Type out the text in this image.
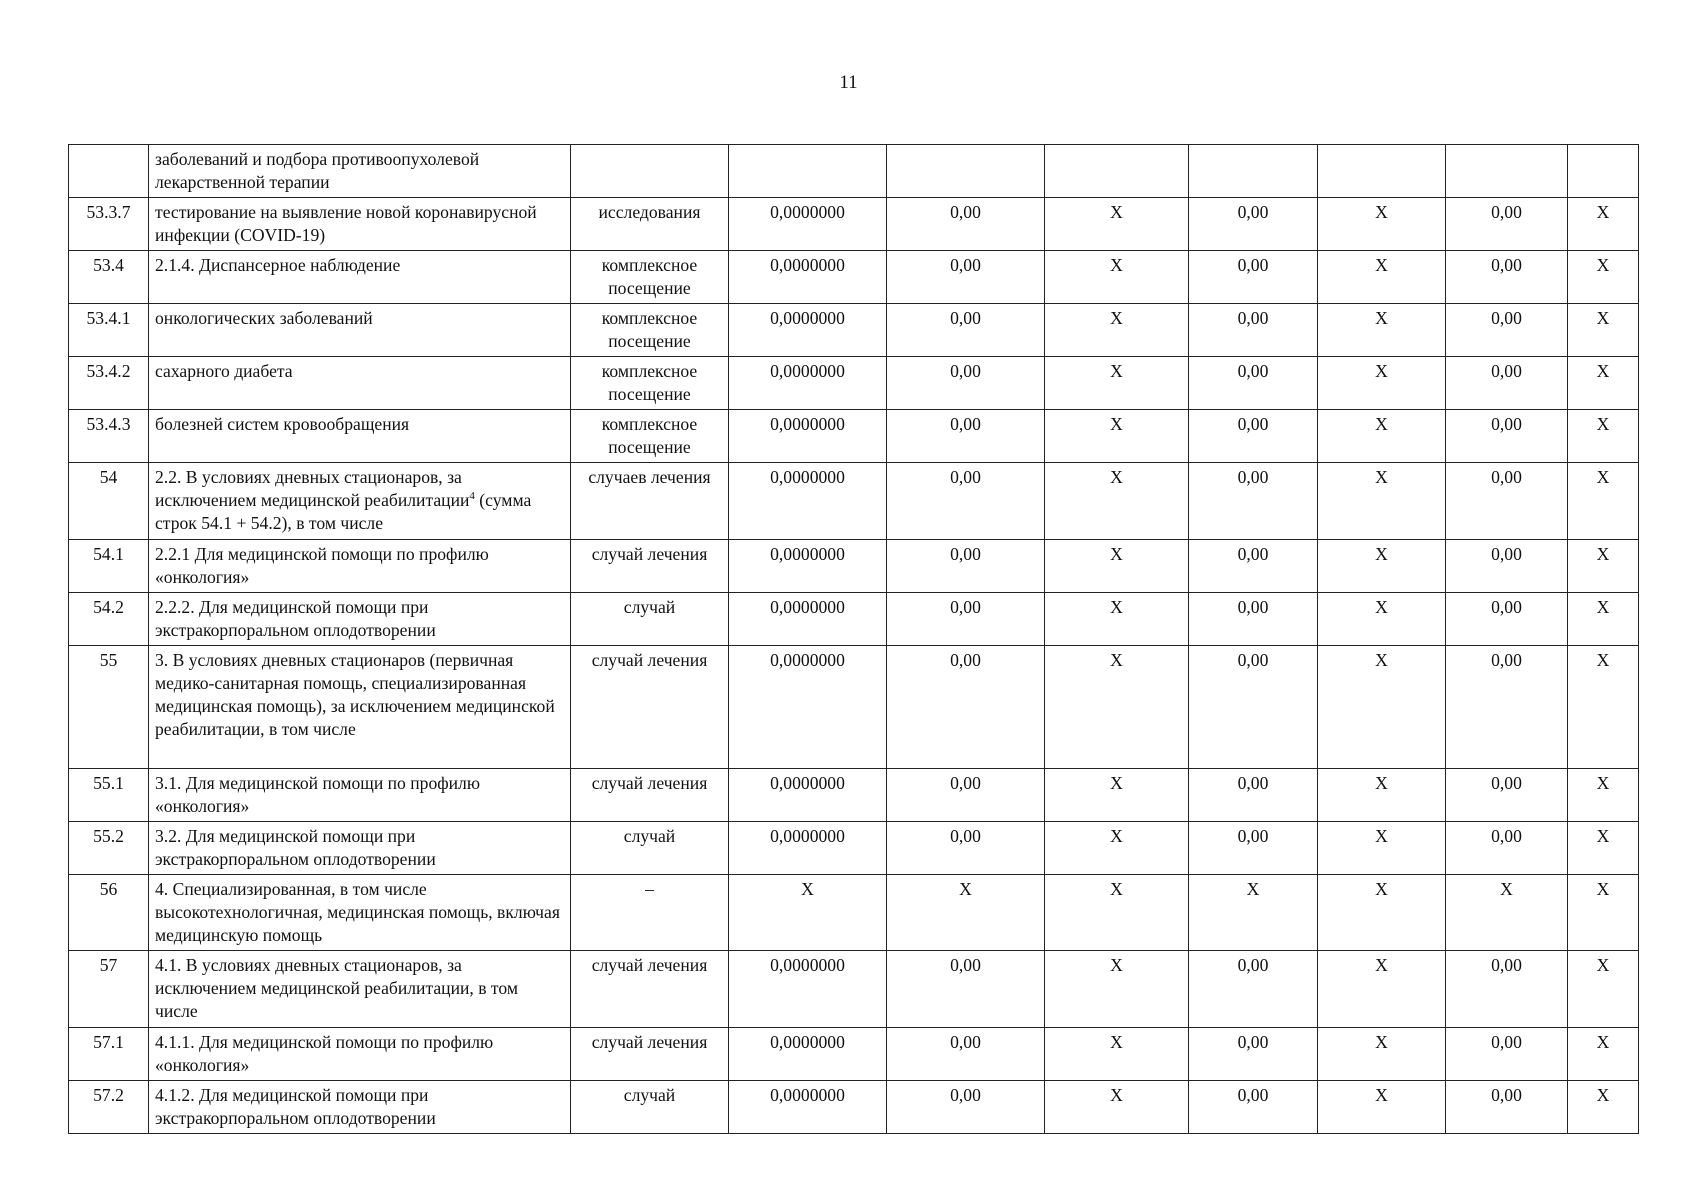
11
	заболеваний и подбора противоопухолевой лекарственной терапии								
53.3.7	тестирование на выявление новой коронавирусной инфекции (COVID-19)	исследования	0,0000000	0,00	X	0,00	X	0,00	X
53.4	2.1.4. Диспансерное наблюдение	комплексное посещение	0,0000000	0,00	X	0,00	X	0,00	X
53.4.1	онкологических заболеваний	комплексное посещение	0,0000000	0,00	X	0,00	X	0,00	X
53.4.2	сахарного диабета	комплексное посещение	0,0000000	0,00	X	0,00	X	0,00	X
53.4.3	болезней систем кровообращения	комплексное посещение	0,0000000	0,00	X	0,00	X	0,00	X
54	2.2. В условиях дневных стационаров, за исключением медицинской реабилитации$^4$ (сумма строк 54.1 + 54.2), в том числе	случаев лечения	0,0000000	0,00	X	0,00	X	0,00	X
54.1	2.2.1 Для медицинской помощи по профилю «онкология»	случай лечения	0,0000000	0,00	X	0,00	X	0,00	X
54.2	2.2.2. Для медицинской помощи при экстракорпоральном оплодотворении	случай	0,0000000	0,00	X	0,00	X	0,00	X
55	3. В условиях дневных стационаров (первичная медико-санитарная помощь, специализированная медицинская помощь), за исключением медицинской реабилитации, в том числе	случай лечения	0,0000000	0,00	X	0,00	X	0,00	X
55.1	3.1. Для медицинской помощи по профилю «онкология»	случай лечения	0,0000000	0,00	X	0,00	X	0,00	X
55.2	3.2. Для медицинской помощи при экстракорпоральном оплодотворении	случай	0,0000000	0,00	X	0,00	X	0,00	X
56	4. Специализированная, в том числе высокотехнологичная, медицинская помощь, включая медицинскую помощь	–	X	X	X	X	X	X	X
57	4.1. В условиях дневных стационаров, за исключением медицинской реабилитации, в том числе	случай лечения	0,0000000	0,00	X	0,00	X	0,00	X
57.1	4.1.1. Для медицинской помощи по профилю «онкология»	случай лечения	0,0000000	0,00	X	0,00	X	0,00	X
57.2	4.1.2. Для медицинской помощи при экстракорпоральном оплодотворении	случай	0,0000000	0,00	X	0,00	X	0,00	X
